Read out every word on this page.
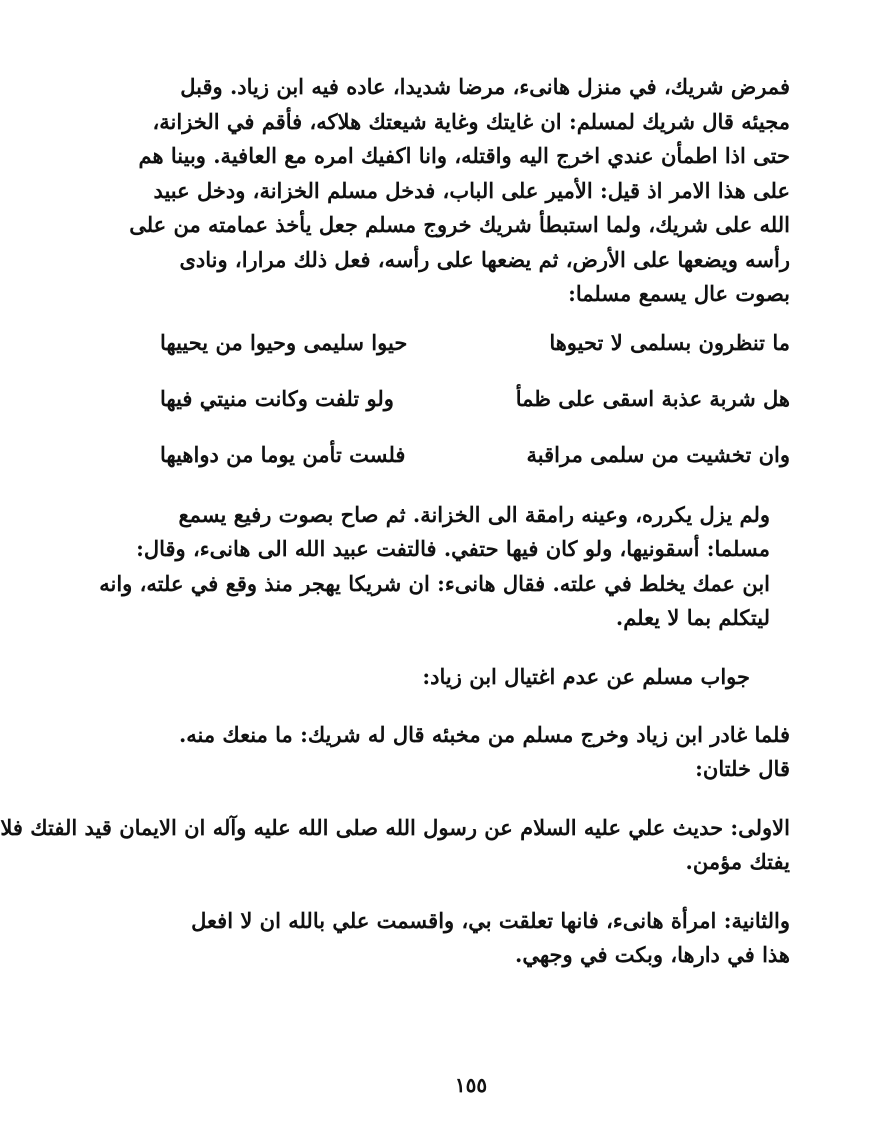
فمرض شريك، في منزل هانىء، مرضا شديدا، عاده فيه ابن زياد. وقبل
مجيئه قال شريك لمسلم: ان غايتك وغاية شيعتك هلاكه، فأقم في الخزانة،
حتى اذا اطمأن عندي اخرج اليه واقتله، وانا اكفيك امره مع العافية. وبينا هم
على هذا الامر اذ قيل: الأمير على الباب، فدخل مسلم الخزانة، ودخل عبيد
الله على شريك، ولما استبطأ شريك خروج مسلم جعل يأخذ عمامته من على
رأسه ويضعها على الأرض، ثم يضعها على رأسه، فعل ذلك مرارا، ونادى
بصوت عال يسمع مسلما:

ما تنظرون بسلمى لا تحيوها
حيوا سليمى وحيوا من يحييها
هل شربة عذبة اسقى على ظمأ
ولو تلفت وكانت منيتي فيها
وان تخشيت من سلمى مراقبة
فلست تأمن يوما من دواهيها

ولم يزل يكرره، وعينه رامقة الى الخزانة. ثم صاح بصوت رفيع يسمع
مسلما: أسقونيها، ولو كان فيها حتفي. فالتفت عبيد الله الى هانىء، وقال:
ابن عمك يخلط في علته. فقال هانىء: ان شريكا يهجر منذ وقع في علته، وانه
ليتكلم بما لا يعلم.

جواب مسلم عن عدم اغتيال ابن زياد:

فلما غادر ابن زياد وخرج مسلم من مخبئه قال له شريك: ما منعك منه.
قال خلتان:

الاولى: حديث علي عليه السلام عن رسول الله صلى الله عليه وآله ان الايمان قيد الفتك فلا
يفتك مؤمن.

والثانية: امرأة هانىء، فانها تعلقت بي، واقسمت علي بالله ان لا افعل
هذا في دارها، وبكت في وجهي.

١٥٥
